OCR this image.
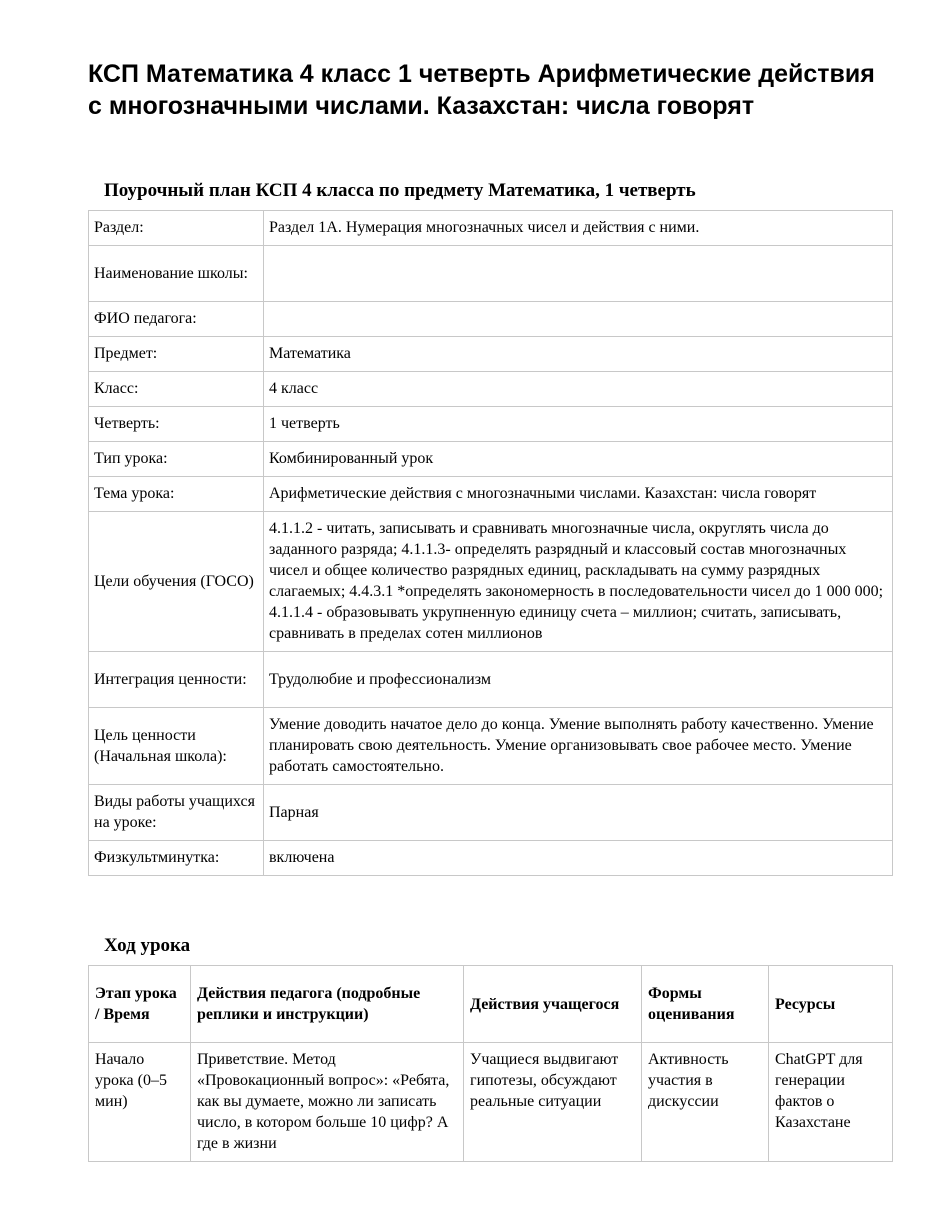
КСП Математика 4 класс 1 четверть Арифметические действия с многозначными числами. Казахстан: числа говорят
Поурочный план КСП 4 класса по предмету Математика, 1 четверть
Раздел:	Раздел 1А. Нумерация многозначных чисел и действия с ними.
Наименование школы:	
ФИО педагога:	
Предмет:	Математика
Класс:	4 класс
Четверть:	1 четверть
Тип урока:	Комбинированный урок
Тема урока:	Арифметические действия с многозначными числами. Казахстан: числа говорят
Цели обучения (ГОСО)	4.1.1.2 - читать, записывать и сравнивать многозначные числа, округлять числа до заданного разряда; 4.1.1.3- определять разрядный и классовый состав многозначных чисел и общее количество разрядных единиц, раскладывать на сумму разрядных слагаемых; 4.4.3.1 *определять закономерность в последовательности чисел до 1 000 000; 4.1.1.4 - образовывать укрупненную единицу счета – миллион; считать, записывать, сравнивать в пределах сотен миллионов
Интеграция ценности:	Трудолюбие и профессионализм
Цель ценности (Начальная школа):	Умение доводить начатое дело до конца. Умение выполнять работу качественно. Умение планировать свою деятельность. Умение организовывать свое рабочее место. Умение работать самостоятельно.
Виды работы учащихся на уроке:	Парная
Физкультминутка:	включена
Ход урока
Этап урока / Время	Действия педагога (подробные реплики и инструкции)	Действия учащегося	Формы оценивания	Ресурсы
Начало урока (0–5 мин)	Приветствие. Метод «Провокационный вопрос»: «Ребята, как вы думаете, можно ли записать число, в котором больше 10 цифр? А где в жизни	Учащиеся выдвигают гипотезы, обсуждают реальные ситуации	Активность участия в дискуссии	ChatGPT для генерации фактов о Казахстане
